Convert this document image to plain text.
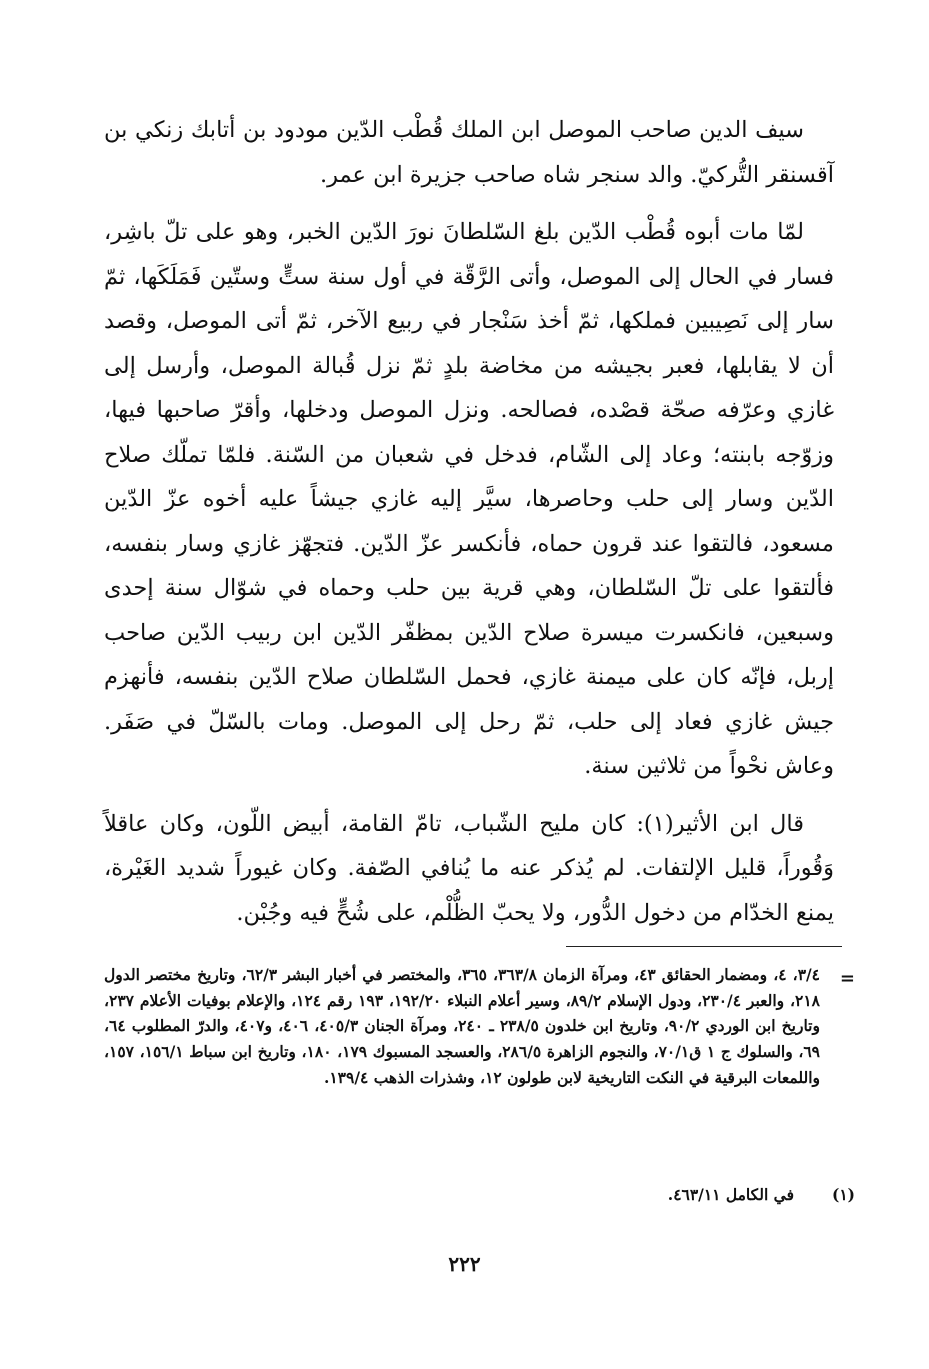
سيف الدين صاحب الموصل ابن الملك قُطْب الدّين مودود بن أتابك زنكي بن آقسنقر التُّركيّ. والد سنجر شاه صاحب جزيرة ابن عمر.

لمّا مات أبوه قُطْب الدّين بلغ السّلطانَ نورَ الدّين الخبر، وهو على تلّ باشِر، فسار في الحال إلى الموصل، وأتى الرَّقّة في أول سنة ستٍّ وستّين فَمَلَكَها، ثمّ سار إلى نَصِيبين فملكها، ثمّ أخذ سَنْجار في ربيع الآخر، ثمّ أتى الموصل، وقصد أن لا يقابلها، فعبر بجيشه من مخاضة بلدٍ ثمّ نزل قُبالة الموصل، وأرسل إلى غازي وعرّفه صحّة قصْده، فصالحه. ونزل الموصل ودخلها، وأقرّ صاحبها فيها، وزوّجه بابنته؛ وعاد إلى الشّام، فدخل في شعبان من السّنة. فلمّا تملّك صلاح الدّين وسار إلى حلب وحاصرها، سيَّر إليه غازي جيشاً عليه أخوه عزّ الدّين مسعود، فالتقوا عند قرون حماه، فأنكسر عزّ الدّين. فتجهّز غازي وسار بنفسه، فألتقوا على تلّ السّلطان، وهي قرية بين حلب وحماه في شوّال سنة إحدى وسبعين، فانكسرت ميسرة صلاح الدّين بمظفّر الدّين ابن ربيب الدّين صاحب إربل، فإنّه كان على ميمنة غازي، فحمل السّلطان صلاح الدّين بنفسه، فأنهزم جيش غازي فعاد إلى حلب، ثمّ رحل إلى الموصل. ومات بالسّلّ في صَفَر. وعاش نحْواً من ثلاثين سنة.

قال ابن الأثير(١): كان مليح الشّباب، تامّ القامة، أبيض اللّون، وكان عاقلاً وَقُوراً، قليل الإلتفات. لم يُذكر عنه ما يُنافي الصّفة. وكان غيوراً شديد الغَيْرة، يمنع الخدّام من دخول الدُّور، ولا يحبّ الظُّلْم، على شُحٍّ فيه وجُبْن.

=

٣/٤، ٤، ومضمار الحقائق ٤٣، ومرآة الزمان ٣٦٣/٨، ٣٦٥، والمختصر في أخبار البشر ٦٢/٣، وتاريخ مختصر الدول ٢١٨، والعبر ٢٣٠/٤، ودول الإسلام ٨٩/٢، وسير أعلام النبلاء ١٩٢/٢٠، ١٩٣ رقم ١٢٤، والإعلام بوفيات الأعلام ٢٣٧، وتاريخ ابن الوردي ٩٠/٢، وتاريخ ابن خلدون ٢٣٨/٥ ـ ٢٤٠، ومرآة الجنان ٤٠٥/٣، ٤٠٦، و٤٠٧، والدرّ المطلوب ٦٤، ٦٩، والسلوك ج ١ ق٧٠/١، والنجوم الزاهرة ٢٨٦/٥، والعسجد المسبوك ١٧٩، ١٨٠، وتاريخ ابن سباط ١٥٦/١، ١٥٧، واللمعات البرقية في النكت التاريخية لابن طولون ١٢، وشذرات الذهب ١٣٩/٤.

(١)
في الكامل ٤٦٣/١١.
٢٢٢
